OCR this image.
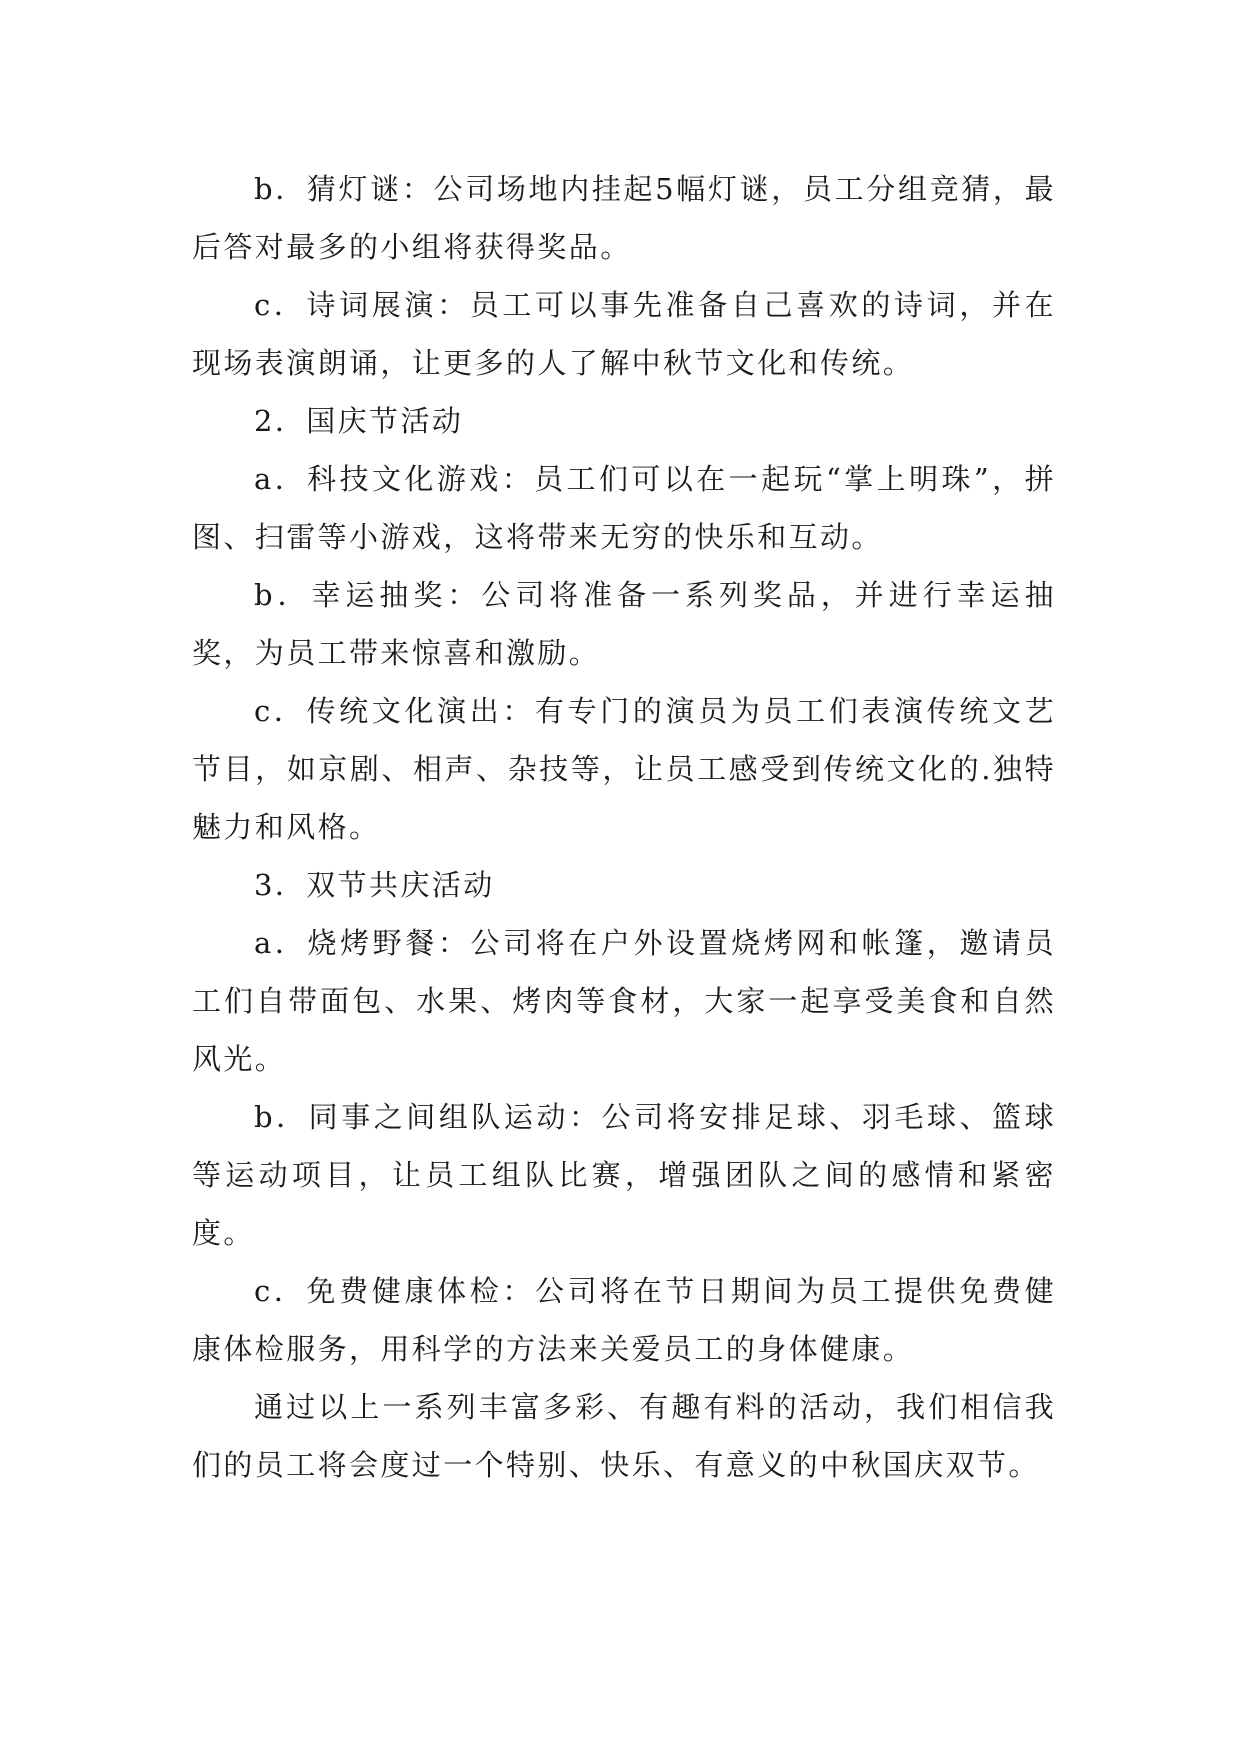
b．猜灯谜：公司场地内挂起5幅灯谜，员工分组竞猜，最后答对最多的小组将获得奖品。

c．诗词展演：员工可以事先准备自己喜欢的诗词，并在现场表演朗诵，让更多的人了解中秋节文化和传统。

2．国庆节活动

a．科技文化游戏：员工们可以在一起玩“掌上明珠”，拼图、扫雷等小游戏，这将带来无穷的快乐和互动。

b．幸运抽奖：公司将准备一系列奖品，并进行幸运抽奖，为员工带来惊喜和激励。

c．传统文化演出：有专门的演员为员工们表演传统文艺节目，如京剧、相声、杂技等，让员工感受到传统文化的.独特魅力和风格。

3．双节共庆活动

a．烧烤野餐：公司将在户外设置烧烤网和帐篷，邀请员工们自带面包、水果、烤肉等食材，大家一起享受美食和自然风光。

b．同事之间组队运动：公司将安排足球、羽毛球、篮球等运动项目，让员工组队比赛，增强团队之间的感情和紧密度。

c．免费健康体检：公司将在节日期间为员工提供免费健康体检服务，用科学的方法来关爱员工的身体健康。

通过以上一系列丰富多彩、有趣有料的活动，我们相信我们的员工将会度过一个特别、快乐、有意义的中秋国庆双节。
